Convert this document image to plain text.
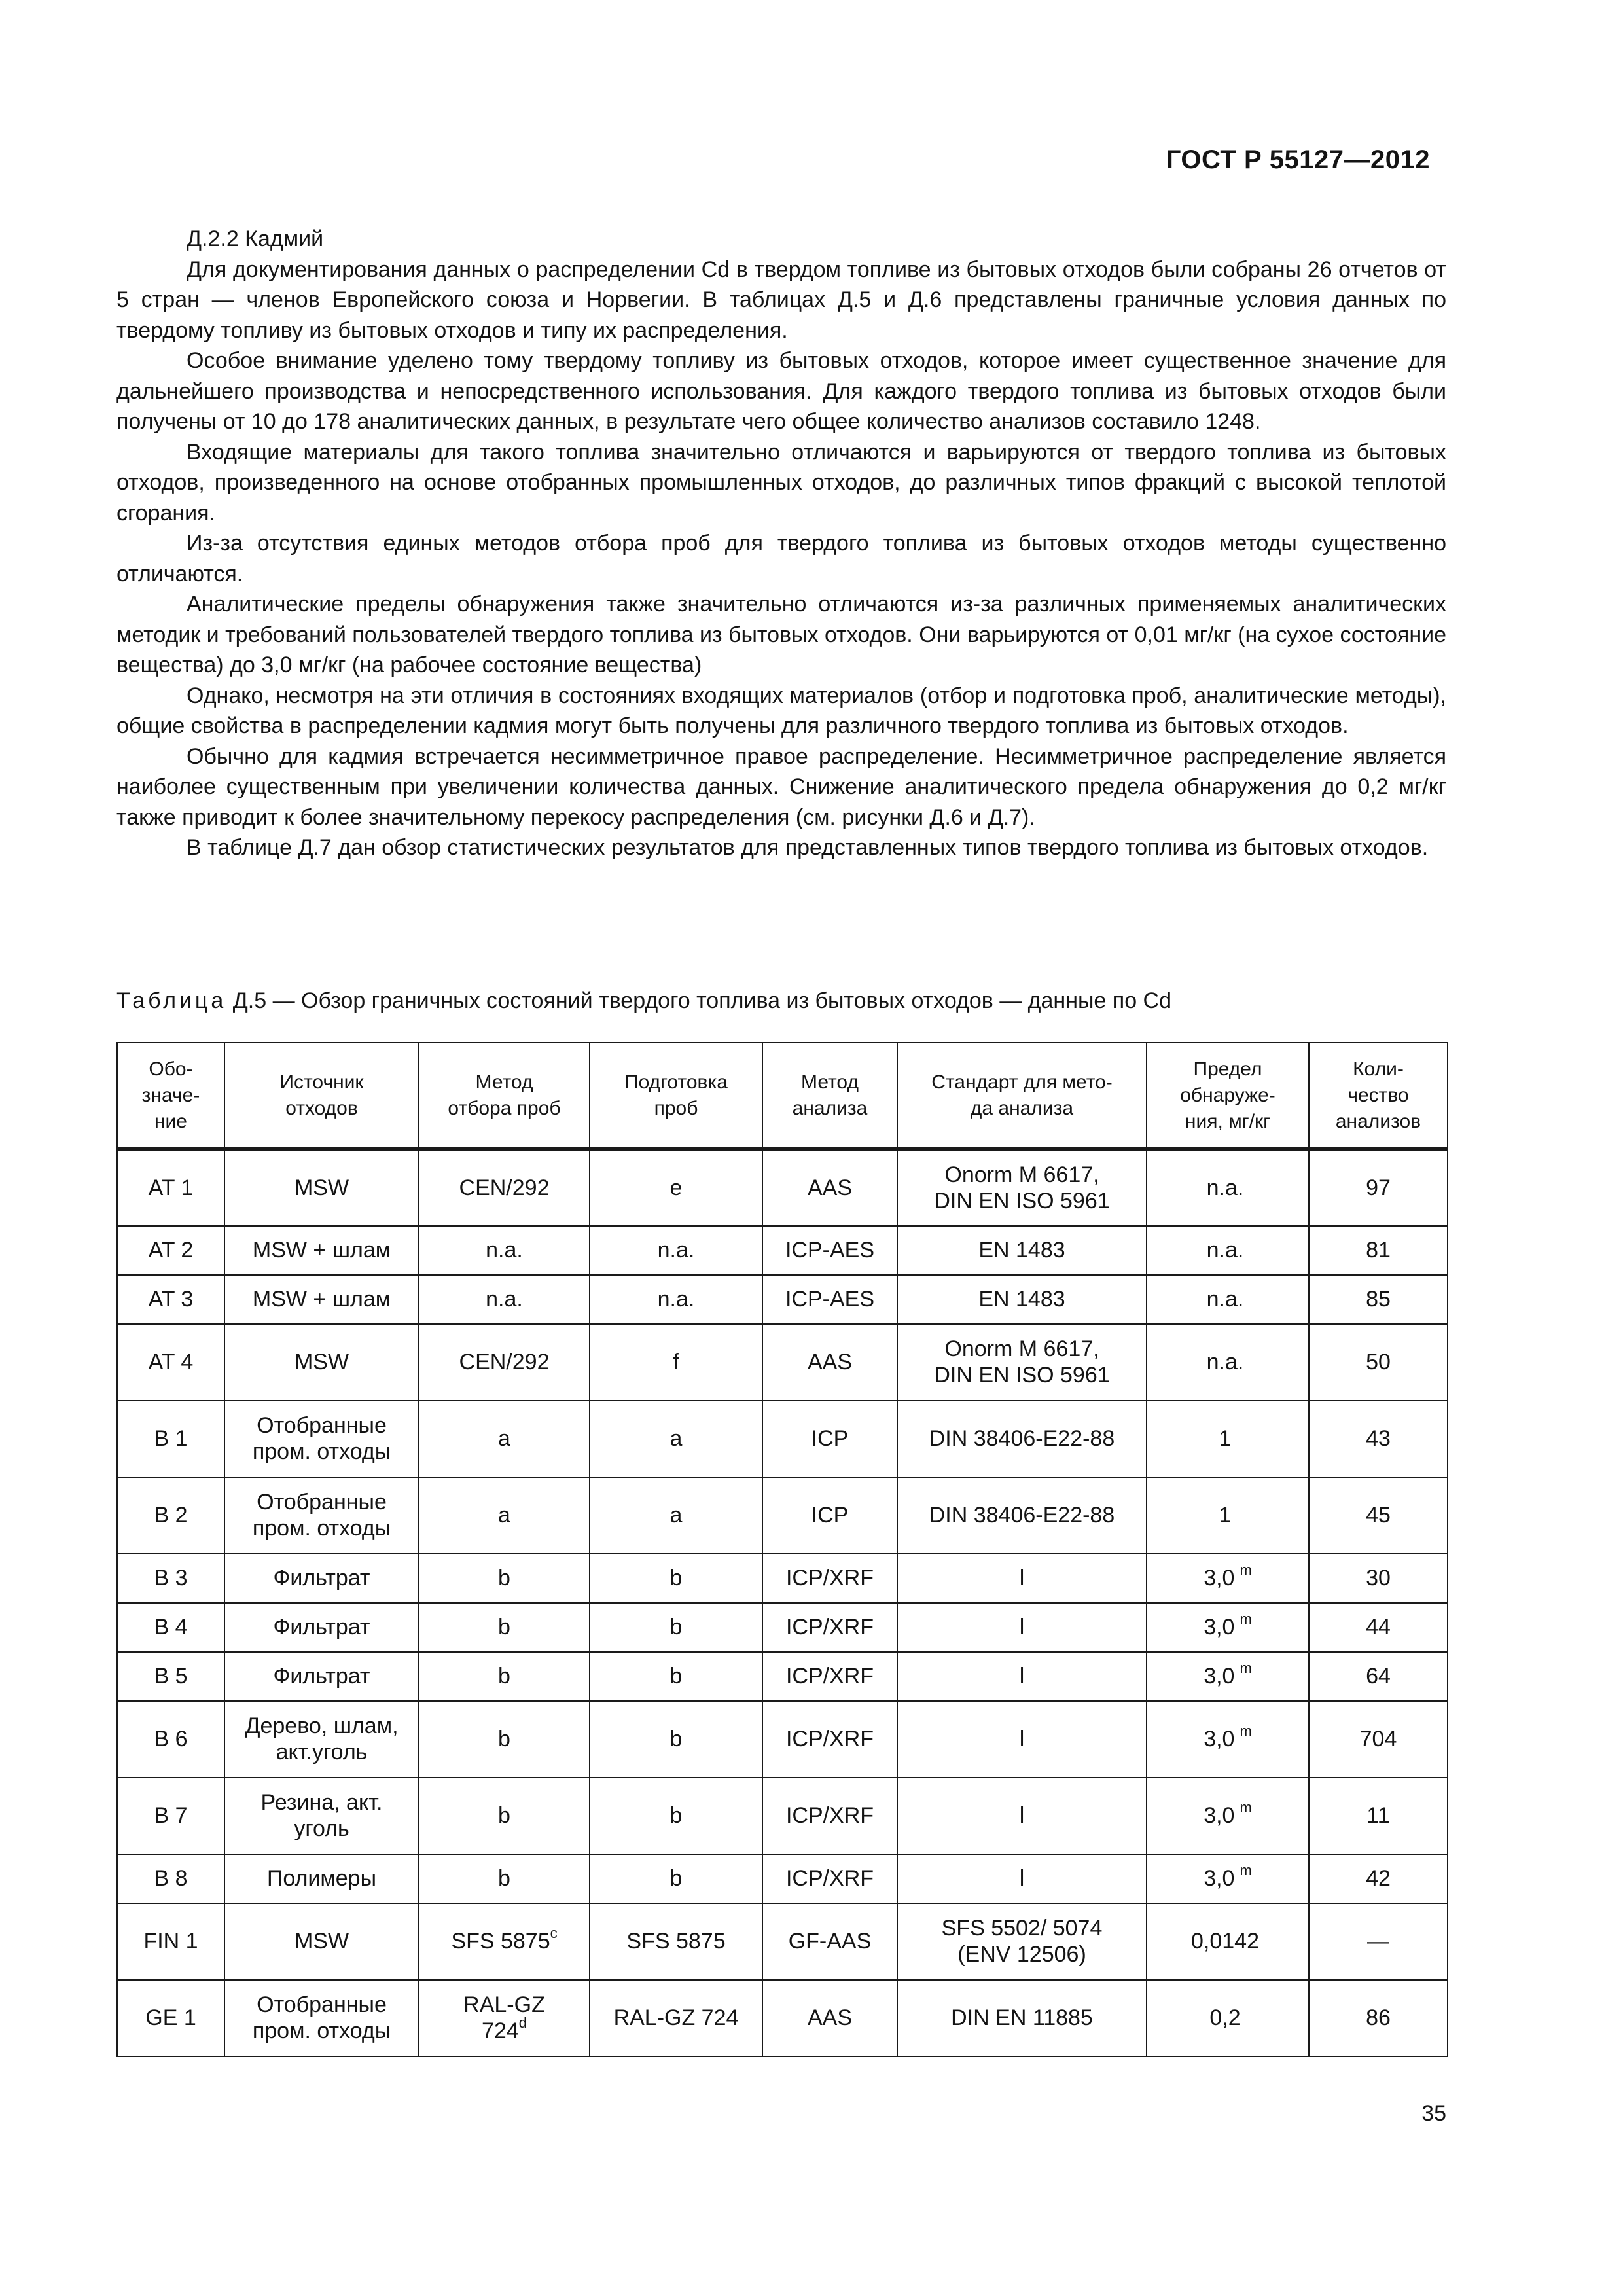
ГОСТ Р 55127—2012

Д.2.2 Кадмий

Для документирования данных о распределении Cd в твердом топливе из бытовых отходов были собраны 26 отчетов от 5 стран — членов Европейского союза и Норвегии. В таблицах Д.5 и Д.6 представлены граничные условия данных по твердому топливу из бытовых отходов и типу их распределения.

Особое внимание уделено тому твердому топливу из бытовых отходов, которое имеет существенное значение для дальнейшего производства и непосредственного использования. Для каждого твердого топлива из бытовых отходов были получены от 10 до 178 аналитических данных, в результате чего общее количество анализов составило 1248.

Входящие материалы для такого топлива значительно отличаются и варьируются от твердого топлива из бытовых отходов, произведенного на основе отобранных промышленных отходов, до различных типов фракций с высокой теплотой сгорания.

Из-за отсутствия единых методов отбора проб для твердого топлива из бытовых отходов методы существенно отличаются.

Аналитические пределы обнаружения также значительно отличаются из-за различных применяемых аналитических методик и требований пользователей твердого топлива из бытовых отходов. Они варьируются от 0,01 мг/кг (на сухое состояние вещества) до 3,0 мг/кг (на рабочее состояние вещества)

Однако, несмотря на эти отличия в состояниях входящих материалов (отбор и подготовка проб, аналитические методы), общие свойства в распределении кадмия могут быть получены для различного твердого топлива из бытовых отходов.

Обычно для кадмия встречается несимметричное правое распределение. Несимметричное распределение является наиболее существенным при увеличении количества данных. Снижение аналитического предела обнаружения до 0,2 мг/кг также приводит к более значительному перекосу распределения (см. рисунки Д.6 и Д.7).

В таблице Д.7 дан обзор статистических результатов для представленных типов твердого топлива из бытовых отходов.

Таблица Д.5 — Обзор граничных состояний твердого топлива из бытовых отходов — данные по Cd
Обо-
значе-
ние	Источник
отходов	Метод
отбора проб	Подготовка
проб	Метод
анализа	Стандарт для мето-
да анализа	Предел
обнаруже-
ния, мг/кг	Коли-
чество
анализов
AT 1	MSW	CEN/292	e	AAS	Onorm M 6617,
DIN EN ISO 5961	n.a.	97
AT 2	MSW + шлам	n.a.	n.a.	ICP-AES	EN 1483	n.a.	81
AT 3	MSW + шлам	n.a.	n.a.	ICP-AES	EN 1483	n.a.	85
AT 4	MSW	CEN/292	f	AAS	Onorm M 6617,
DIN EN ISO 5961	n.a.	50
B 1	Отобранные
пром. отходы	a	a	ICP	DIN 38406-E22-88	1	43
B 2	Отобранные
пром. отходы	a	a	ICP	DIN 38406-E22-88	1	45
B 3	Фильтрат	b	b	ICP/XRF	l	3,0 $^m$	30
B 4	Фильтрат	b	b	ICP/XRF	l	3,0 $^m$	44
B 5	Фильтрат	b	b	ICP/XRF	l	3,0 $^m$	64
B 6	Дерево, шлам,
акт.уголь	b	b	ICP/XRF	l	3,0 $^m$	704
B 7	Резина, акт.
уголь	b	b	ICP/XRF	l	3,0 $^m$	11
B 8	Полимеры	b	b	ICP/XRF	l	3,0 $^m$	42
FIN 1	MSW	SFS 5875$^c$	SFS 5875	GF-AAS	SFS 5502/ 5074
(ENV 12506)	0,0142	—
GE 1	Отобранные
пром. отходы	RAL-GZ
724$^d$	RAL-GZ 724	AAS	DIN EN 11885	0,2	86
35
